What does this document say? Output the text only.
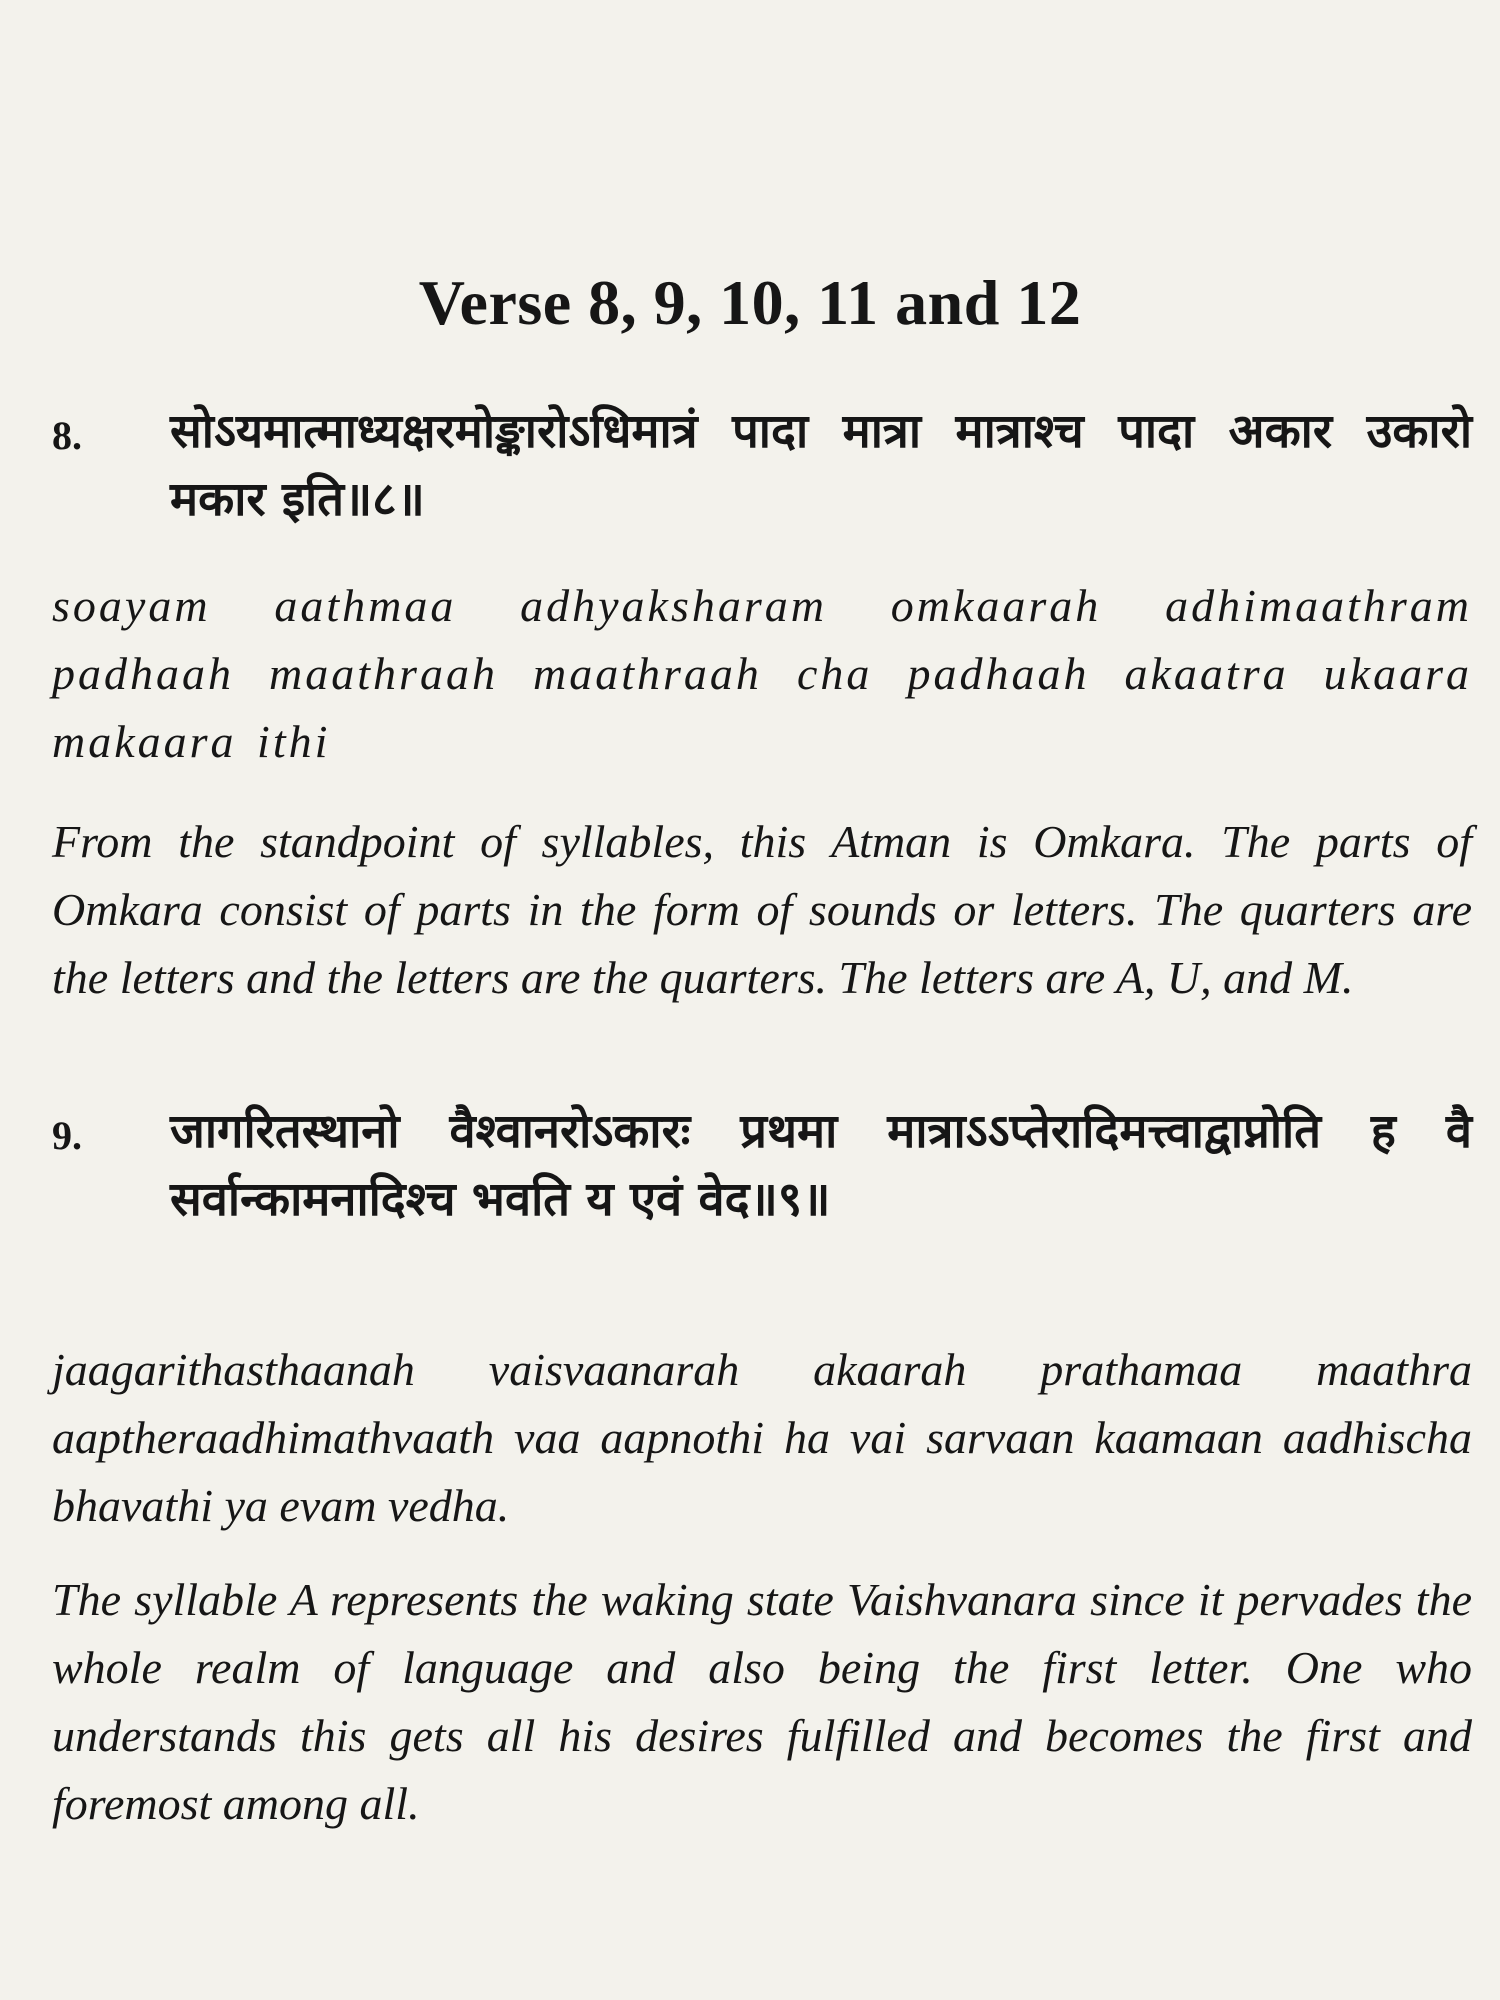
Verse 8, 9, 10, 11 and 12
8.	सोऽयमात्माध्यक्षरमोङ्कारोऽधिमात्रं पादा मात्रा मात्राश्च पादा अकार उकारो मकार इति॥८॥
soayam aathmaa adhyaksharam omkaarah adhimaathram padhaah maathraah maathraah cha padhaah akaatra ukaara makaara ithi
From the standpoint of syllables, this Atman is Omkara. The parts of Omkara consist of parts in the form of sounds or letters. The quarters are the letters and the letters are the quarters. The letters are A, U, and M.
9.	जागरितस्थानो वैश्वानरोऽकारः प्रथमा मात्राऽऽप्तेरादिमत्त्वाद्वाप्नोति ह वै सर्वान्कामनादिश्च भवति य एवं वेद॥९॥
jaagarithasthaanah vaisvaanarah akaarah prathamaa maathra aaptheraadhimathvaath vaa aapnothi ha vai sarvaan kaamaan aadhischa bhavathi ya evam vedha.
The syllable A represents the waking state Vaishvanara since it pervades the whole realm of language and also being the first letter. One who understands this gets all his desires fulfilled and becomes the first and foremost among all.
